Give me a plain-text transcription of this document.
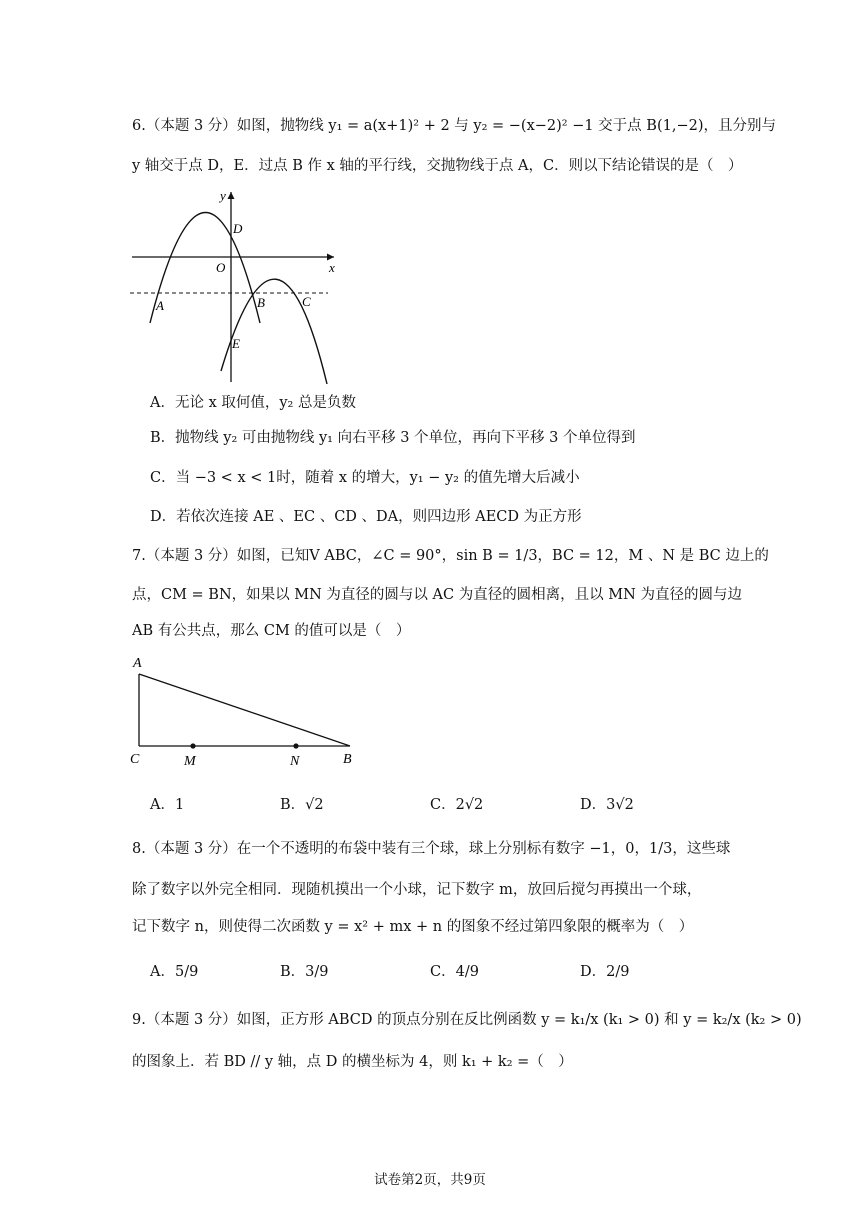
6.（本题 3 分）如图，抛物线 y₁ = a(x+1)² + 2 与 y₂ = −(x−2)² −1 交于点 B(1,−2)，且分别与
y 轴交于点 D，E．过点 B 作 x 轴的平行线，交抛物线于点 A，C．则以下结论错误的是（　）
y
x
O
D
A	B	C
E
A．无论 x 取何值，y₂ 总是负数
B．抛物线 y₂ 可由抛物线 y₁ 向右平移 3 个单位，再向下平移 3 个单位得到
C．当 −3 < x < 1时，随着 x 的增大，y₁ − y₂ 的值先增大后减小
D．若依次连接 AE 、EC 、CD 、DA，则四边形 AECD 为正方形
7.（本题 3 分）如图，已知V ABC，∠C = 90°，sin B = 1/3，BC = 12，M 、N 是 BC 边上的
点，CM = BN，如果以 MN 为直径的圆与以 AC 为直径的圆相离，且以 MN 为直径的圆与边
AB 有公共点，那么 CM 的值可以是（　）
A
C	M	N	B
A．1	B．√2	C．2√2	D．3√2
8.（本题 3 分）在一个不透明的布袋中装有三个球，球上分别标有数字 −1，0，1/3，这些球
除了数字以外完全相同．现随机摸出一个小球，记下数字 m，放回后搅匀再摸出一个球，
记下数字 n，则使得二次函数 y = x² + mx + n 的图象不经过第四象限的概率为（　）
A．5/9	B．3/9	C．4/9	D．2/9
9.（本题 3 分）如图，正方形 ABCD 的顶点分别在反比例函数 y = k₁/x (k₁ > 0) 和 y = k₂/x (k₂ > 0)
的图象上．若 BD // y 轴，点 D 的横坐标为 4，则 k₁ + k₂ =（　）
试卷第2页，共9页
